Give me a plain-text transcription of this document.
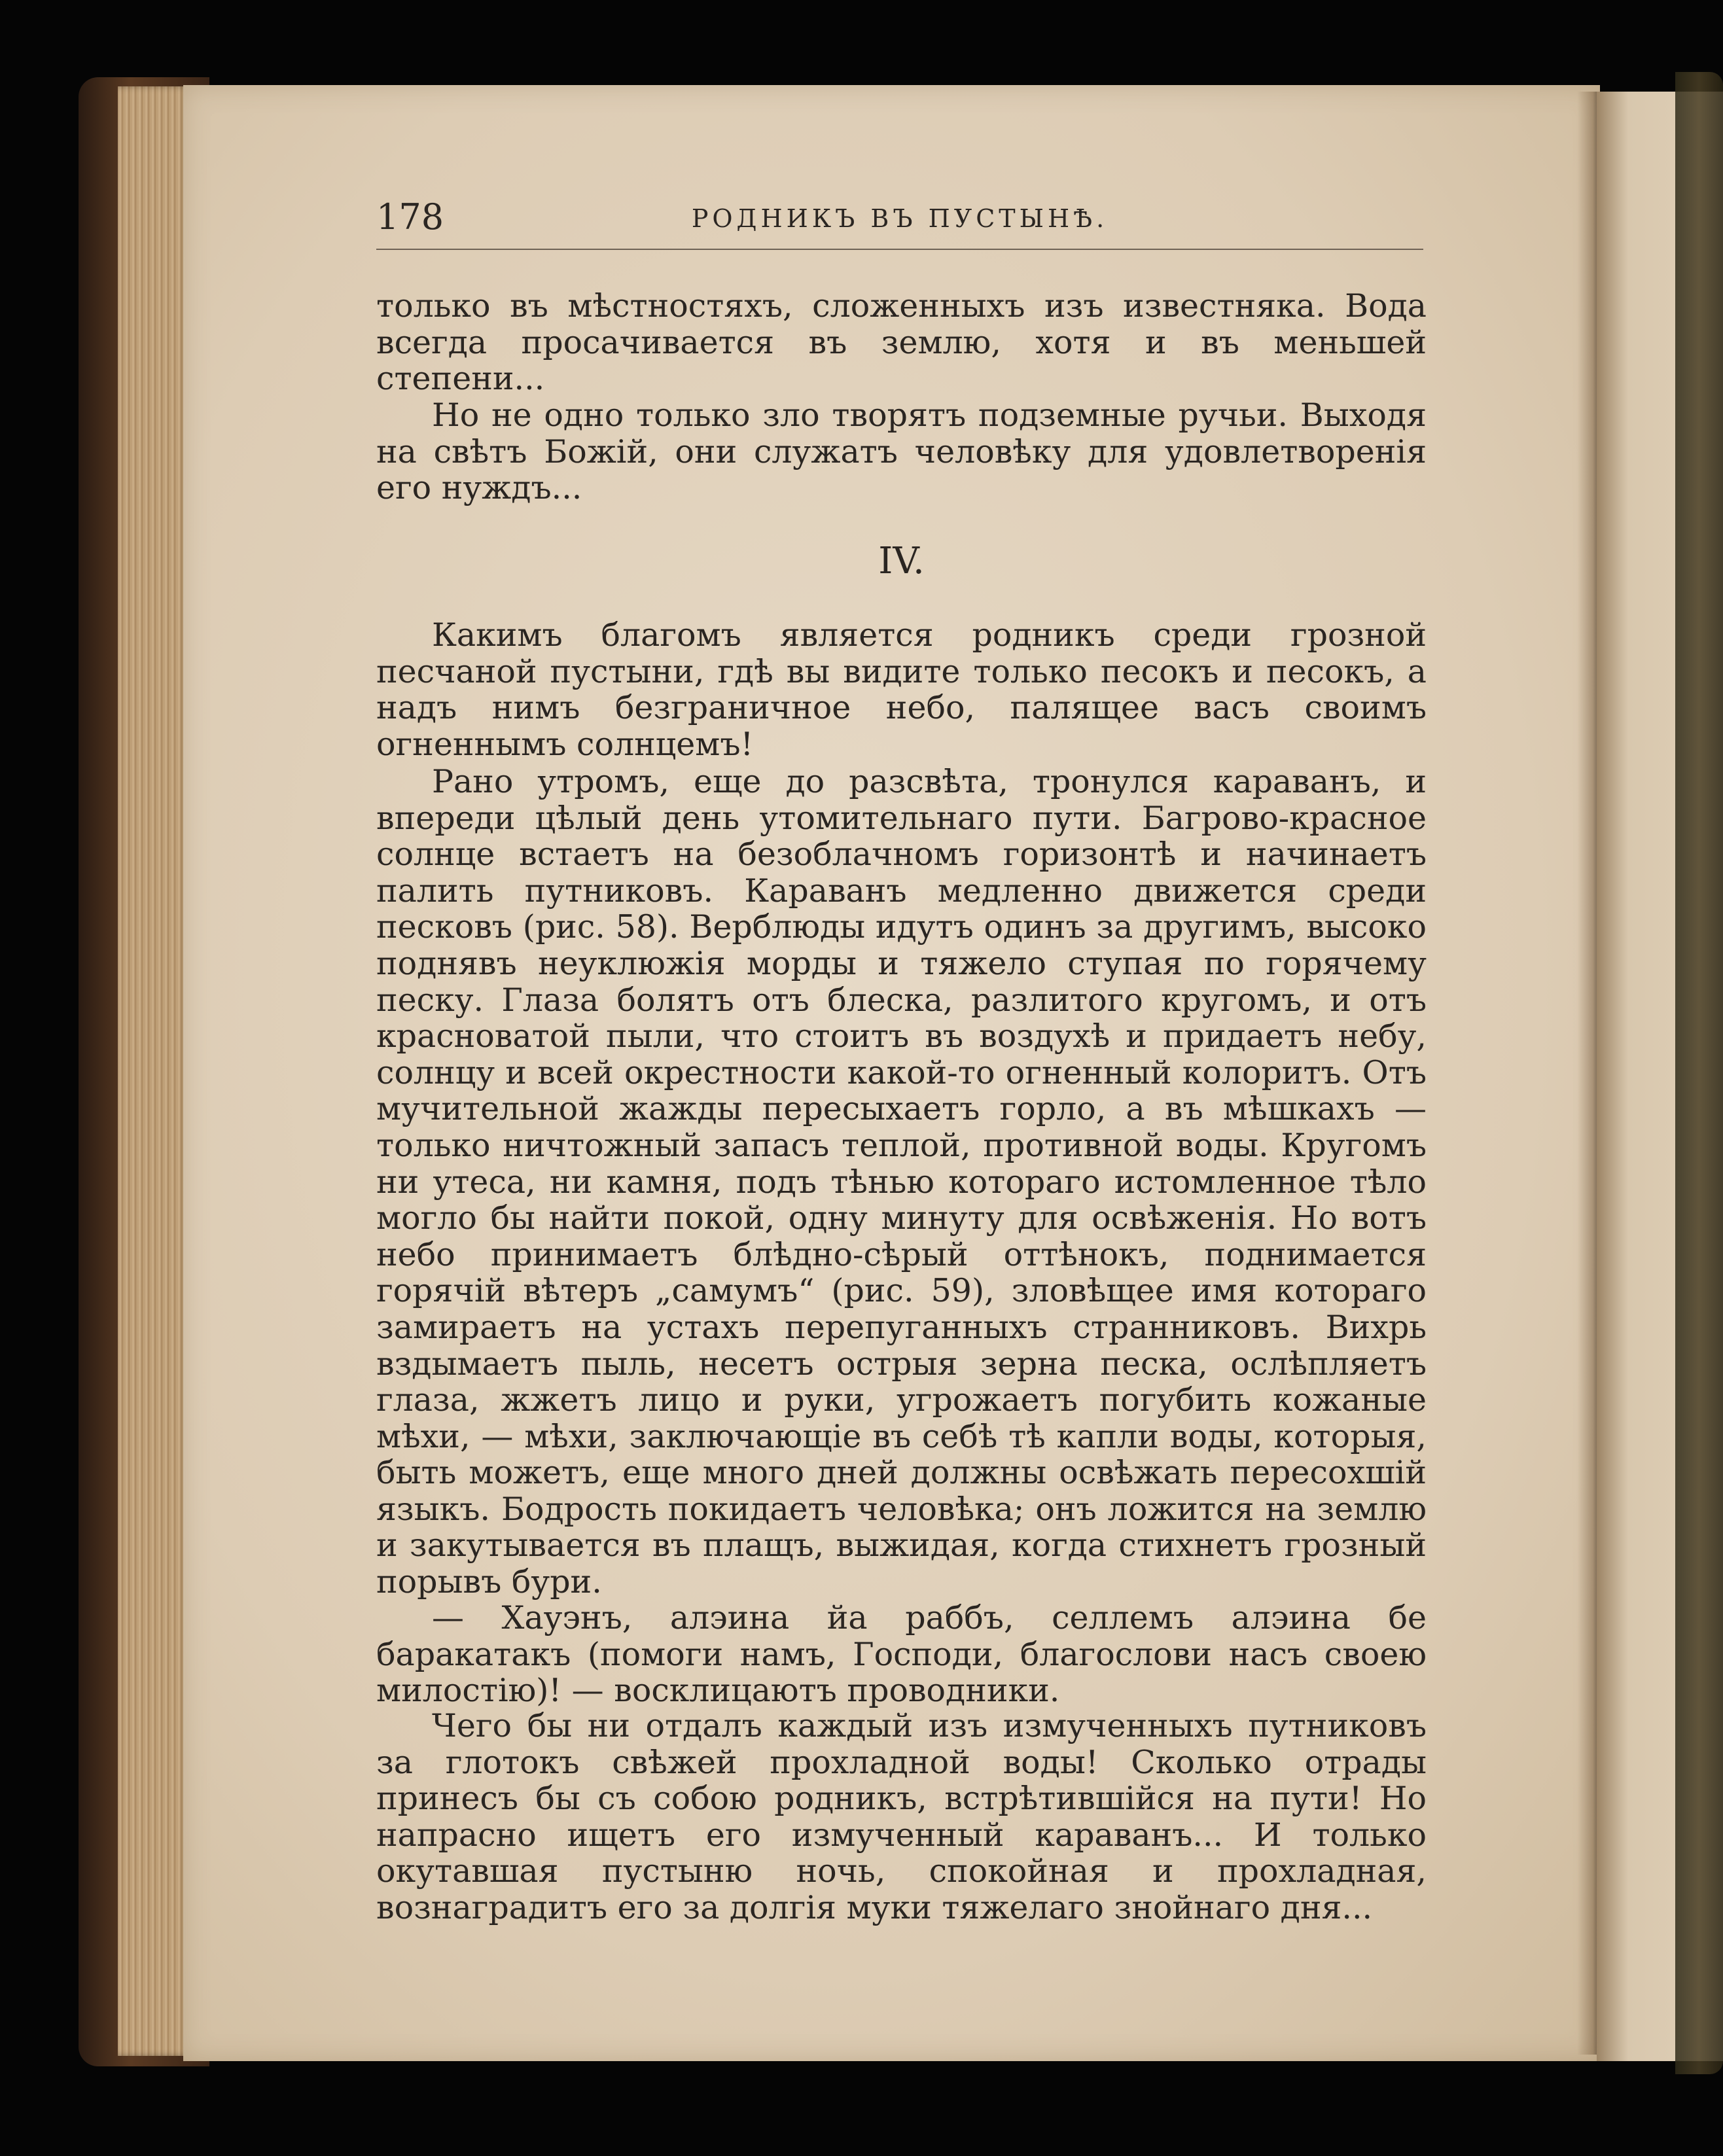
178	РОДНИКЪ ВЪ ПУСТЫНѢ.

только въ мѣстностяхъ, сложенныхъ изъ известняка. Вода всегда просачивается въ землю, хотя и въ меньшей степени...

Но не одно только зло творятъ подземные ручьи. Выходя на свѣтъ Божій, они служатъ человѣку для удовлетворенія его нуждъ...

IV.

Какимъ благомъ является родникъ среди грозной песчаной пустыни, гдѣ вы видите только песокъ и песокъ, а надъ нимъ безграничное небо, палящее васъ своимъ огненнымъ солнцемъ!

Рано утромъ, еще до разсвѣта, тронулся караванъ, и впереди цѣлый день утомительнаго пути. Багрово-красное солнце встаетъ на безоблачномъ горизонтѣ и начинаетъ палить путниковъ. Караванъ медленно движется среди песковъ (рис. 58). Верблюды идутъ одинъ за другимъ, высоко поднявъ неуклюжія морды и тяжело ступая по горячему песку. Глаза болятъ отъ блеска, разлитого кругомъ, и отъ красноватой пыли, что стоитъ въ воздухѣ и придаетъ небу, солнцу и всей окрестности какой-то огненный колоритъ. Отъ мучительной жажды пересыхаетъ горло, а въ мѣшкахъ — только ничтожный запасъ теплой, противной воды. Кругомъ ни утеса, ни камня, подъ тѣнью котораго истомленное тѣло могло бы найти покой, одну минуту для освѣженія. Но вотъ небо принимаетъ блѣдно-сѣрый оттѣнокъ, поднимается горячій вѣтеръ „самумъ“ (рис. 59), зловѣщее имя котораго замираетъ на устахъ перепуганныхъ странниковъ. Вихрь вздымаетъ пыль, несетъ острыя зерна песка, ослѣпляетъ глаза, жжетъ лицо и руки, угрожаетъ погубить кожаные мѣхи, — мѣхи, заключающіе въ себѣ тѣ капли воды, которыя, быть можетъ, еще много дней должны освѣжать пересохшій языкъ. Бодрость покидаетъ человѣка; онъ ложится на землю и закутывается въ плащъ, выжидая, когда стихнетъ грозный порывъ бури.

— Хауэнъ, алэина йа раббъ, селлемъ алэина бе баракатакъ (помоги намъ, Господи, благослови насъ своею милостію)! — восклицаютъ проводники.

Чего бы ни отдалъ каждый изъ измученныхъ путниковъ за глотокъ свѣжей прохладной воды! Сколько отрады принесъ бы съ собою родникъ, встрѣтившійся на пути! Но напрасно ищетъ его измученный караванъ... И только окутавшая пустыню ночь, спокойная и прохладная, вознаградитъ его за долгія муки тяжелаго знойнаго дня...
